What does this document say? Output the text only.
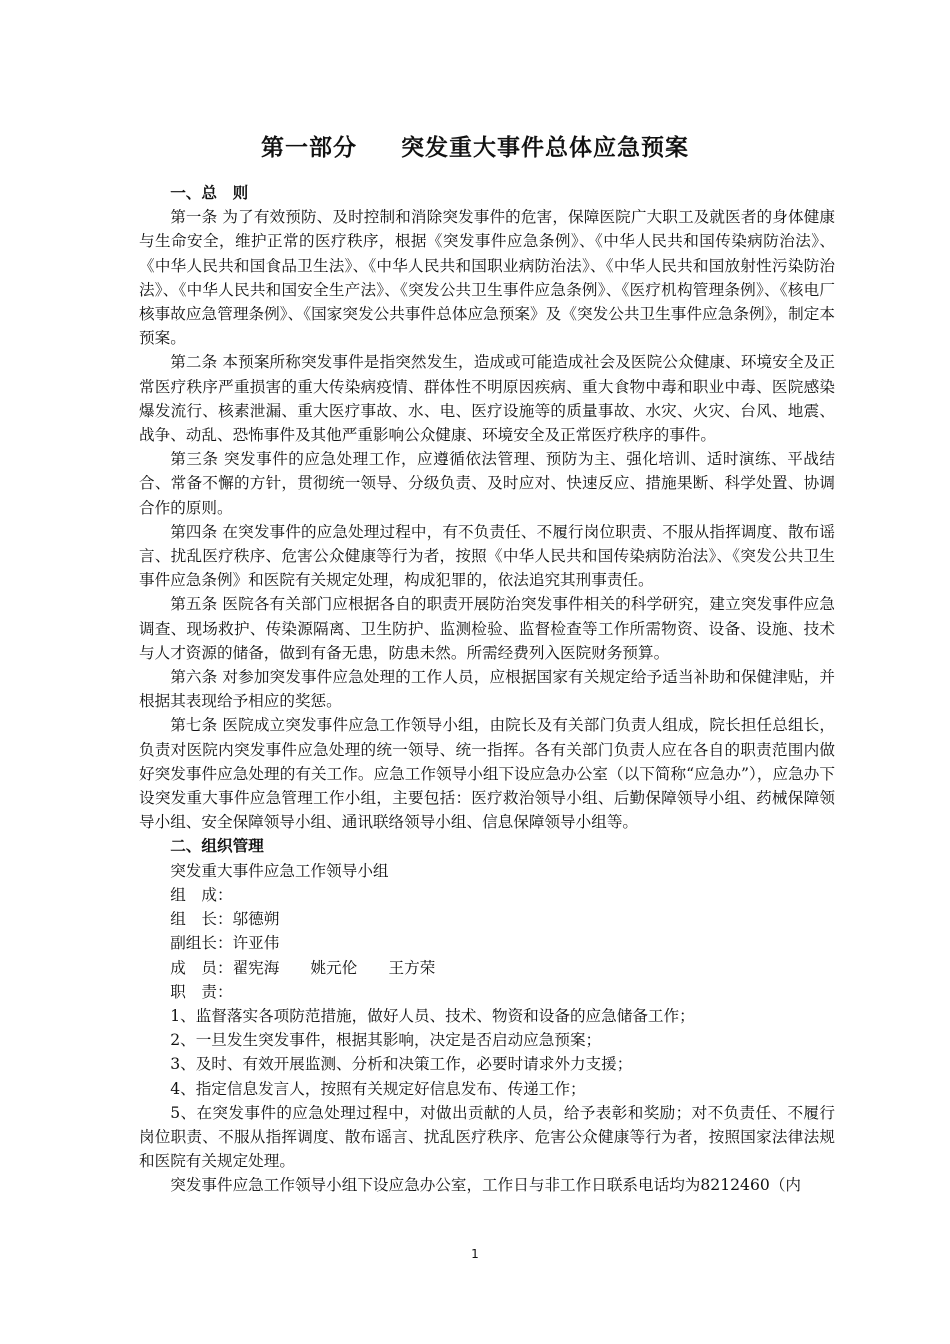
第一部分 突发重大事件总体应急预案

一、总　则

第一条 为了有效预防、及时控制和消除突发事件的危害，保障医院广大职工及就医者的身体健康与生命安全，维护正常的医疗秩序，根据《突发事件应急条例》、《中华人民共和国传染病防治法》、《中华人民共和国食品卫生法》、《中华人民共和国职业病防治法》、《中华人民共和国放射性污染防治法》、《中华人民共和国安全生产法》、《突发公共卫生事件应急条例》、《医疗机构管理条例》、《核电厂核事故应急管理条例》、《国家突发公共事件总体应急预案》及《突发公共卫生事件应急条例》，制定本预案。

第二条 本预案所称突发事件是指突然发生，造成或可能造成社会及医院公众健康、环境安全及正常医疗秩序严重损害的重大传染病疫情、群体性不明原因疾病、重大食物中毒和职业中毒、医院感染爆发流行、核素泄漏、重大医疗事故、水、电、医疗设施等的质量事故、水灾、火灾、台风、地震、战争、动乱、恐怖事件及其他严重影响公众健康、环境安全及正常医疗秩序的事件。

第三条 突发事件的应急处理工作，应遵循依法管理、预防为主、强化培训、适时演练、平战结合、常备不懈的方针，贯彻统一领导、分级负责、及时应对、快速反应、措施果断、科学处置、协调合作的原则。

第四条 在突发事件的应急处理过程中，有不负责任、不履行岗位职责、不服从指挥调度、散布谣言、扰乱医疗秩序、危害公众健康等行为者，按照《中华人民共和国传染病防治法》、《突发公共卫生事件应急条例》和医院有关规定处理，构成犯罪的，依法追究其刑事责任。

第五条 医院各有关部门应根据各自的职责开展防治突发事件相关的科学研究，建立突发事件应急调查、现场救护、传染源隔离、卫生防护、监测检验、监督检查等工作所需物资、设备、设施、技术与人才资源的储备，做到有备无患，防患未然。所需经费列入医院财务预算。

第六条 对参加突发事件应急处理的工作人员，应根据国家有关规定给予适当补助和保健津贴，并根据其表现给予相应的奖惩。

第七条 医院成立突发事件应急工作领导小组，由院长及有关部门负责人组成，院长担任总组长，负责对医院内突发事件应急处理的统一领导、统一指挥。各有关部门负责人应在各自的职责范围内做好突发事件应急处理的有关工作。应急工作领导小组下设应急办公室（以下简称“应急办”），应急办下设突发重大事件应急管理工作小组，主要包括：医疗救治领导小组、后勤保障领导小组、药械保障领导小组、安全保障领导小组、通讯联络领导小组、信息保障领导小组等。

二、组织管理

突发重大事件应急工作领导小组

组　成：

组　长：邬德朔

副组长：许亚伟

成　员：翟宪海　　姚元伦　　王方荣

职　责：

1、监督落实各项防范措施，做好人员、技术、物资和设备的应急储备工作；

2、一旦发生突发事件，根据其影响，决定是否启动应急预案；

3、及时、有效开展监测、分析和决策工作，必要时请求外力支援；

4、指定信息发言人，按照有关规定好信息发布、传递工作；

5、在突发事件的应急处理过程中，对做出贡献的人员，给予表彰和奖励；对不负责任、不履行岗位职责、不服从指挥调度、散布谣言、扰乱医疗秩序、危害公众健康等行为者，按照国家法律法规和医院有关规定处理。

突发事件应急工作领导小组下设应急办公室，工作日与非工作日联系电话均为8212460（内

1
